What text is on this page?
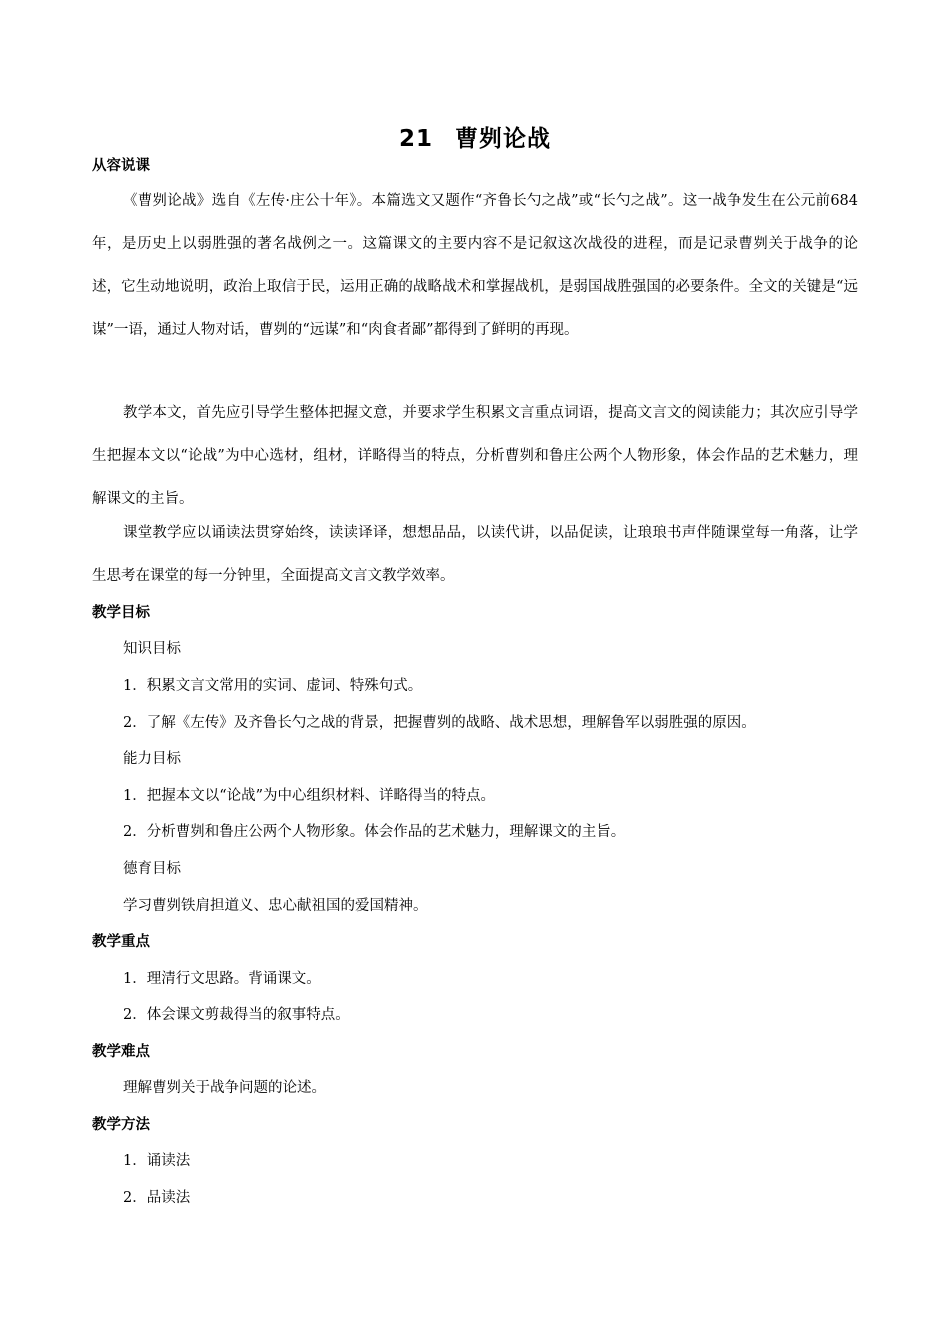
21 曹刿论战
从容说课
《曹刿论战》选自《左传·庄公十年》。本篇选文又题作“齐鲁长勺之战”或“长勺之战”。这一战争发生在公元前684年，是历史上以弱胜强的著名战例之一。这篇课文的主要内容不是记叙这次战役的进程，而是记录曹刿关于战争的论述，它生动地说明，政治上取信于民，运用正确的战略战术和掌握战机，是弱国战胜强国的必要条件。全文的关键是“远谋”一语，通过人物对话，曹刿的“远谋”和“肉食者鄙”都得到了鲜明的再现。
教学本文，首先应引导学生整体把握文意，并要求学生积累文言重点词语，提高文言文的阅读能力；其次应引导学生把握本文以“论战”为中心选材，组材，详略得当的特点，分析曹刿和鲁庄公两个人物形象，体会作品的艺术魅力，理解课文的主旨。
课堂教学应以诵读法贯穿始终，读读译译，想想品品，以读代讲，以品促读，让琅琅书声伴随课堂每一角落，让学生思考在课堂的每一分钟里，全面提高文言文教学效率。
教学目标
知识目标
1．积累文言文常用的实词、虚词、特殊句式。
2．了解《左传》及齐鲁长勺之战的背景，把握曹刿的战略、战术思想，理解鲁军以弱胜强的原因。
能力目标
1．把握本文以“论战”为中心组织材料、详略得当的特点。
2．分析曹刿和鲁庄公两个人物形象。体会作品的艺术魅力，理解课文的主旨。
德育目标
学习曹刿铁肩担道义、忠心献祖国的爱国精神。
教学重点
1．理清行文思路。背诵课文。
2．体会课文剪裁得当的叙事特点。
教学难点
理解曹刿关于战争问题的论述。
教学方法
1．诵读法
2．品读法
